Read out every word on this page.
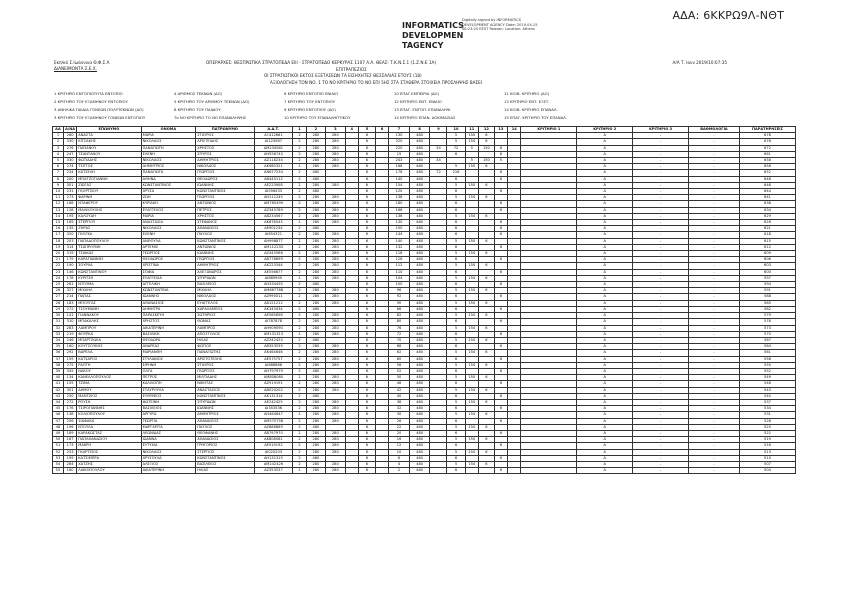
ΑΔΑ: 6ΚΚΡΩ9Λ-ΝΘΤ
INFORMATICS
DEVELOPMEN
TAGENCY
Digitally signed by INFORMATICS DEVELOPMENT AGENCY Date: 2019.04.15 08:23:25 EEST Reason: Location: Athens
Εκπ/κό Σ.Ιωάννινα Θ.Φ.Σ.Α
ΔΙΑΝΕΙΜΟΝΤΑ Σ.Ε.Χ.
ΟΠΕΡΑΡΧΕΣ: ΘΕΣΠΡΩΤΙΚΑ ΣΤΡΑΤΟΠΕΔΑ ΕΙΙΙ - ΣΤΡΑΤΟΠΕΔΟ ΚΕΡΚΥΡΑΣ 1107 Α.Α. ΘΕΑΣ: Τ.Κ.Ν.Σ.1 (1.Ζ.Ν.Ε 1Α)	Α/Α Τ. Ιουν 2019/10:07:35
ΕΠΙΤΡΑΠΕΖΙΟΣ
ΟΙ ΣΤΡΑΤΙΩΤΙΚΟΙ ΕΚΤΟΣ ΕΞΕΤΑΣΕΩΝ ΤΑ ΕΙΣΗΧΗΤΕΣ ΘΕΣΣΑΛΙΑΣ ΕΤΟΥΣ (18)
ΑΞΙΟΛΟΓΗΣΗ ΤΟΝ ΝΟ. 1 ΤΟ ΝΟ ΚΡΙΤΗΡΙΟ ΤΟ ΝΟ ΕΠΙ 5ΗΣ ΣΤΑ ΣΤΑΘΕΡΑ ΣΤΟΙΧΕΙΑ ΠΡΟΣΛΗΨΗΣ ΒΑΣΕΙ
1 ΚΡΙΤΗΡΙΟ ΕΝΤΟΠΙΟΤΗΤΑ ΕΝΤΟΠΙΟ	4 ΑΡΙΘΜΟΣ ΤΕΚΝΩΝ (ΔΟ)	6 ΚΡΙΤΗΡΙΟ ΕΝΤΟΠΙΟ ΕΝΙΑΙΟ	10 ΕΠΑΓ.ΕΜΠΕΙΡΙΑ (ΔΟ)	11 ΚΟΙΝ. ΚΡΙΤΗΡΙΟ (ΔΟ)
2 ΚΡΙΤΗΡΙΟ ΤΟΥ ΕΞΑΜΗΝΟΥ ΕΝΤΟΠΙΟΥ	5 ΚΡΙΤΗΡΙΟ ΤΟΥ ΑΡΙΘΜΟΥ ΤΕΚΝΩΝ (ΔΟ)	7 ΚΡΙΤΗΡΙΟ ΤΟΥ ΕΝΤΟΠΙΟΥ	12 ΚΡΙΤΗΡΙΟ ΕΝΤ. ΕΝΙΑΙΟ	13 ΚΡΙΤΗΡΙΟ ΕΝΤ. ΕΞΕΤ.
3 ΑΝΗΛΙΚΑ ΠΑΙΔΙΑ ΓΟΝΕΩΝ ΠΟΛΥΤΕΚΝΩΝ (ΔΟ)	8 ΚΡΙΤΗΡΙΟ ΤΟΥ ΠΑΙΔΙΟΥ	9 ΚΡΙΤΗΡΙΟ ΕΝΤΟΠΙΟΥ (ΔΟ)	13 ΕΠΑΓ. ΕΝΤΟΠ. ΕΠΑΝΑΛΗΨ.	14 ΚΟΙΝ. ΚΡΙΤΗΡΙΟ ΕΠΑΝΑΛ.
3 ΚΡΙΤΗΡΙΟ ΤΟΥ ΕΞΑΜΗΝΟΥ ΓΟΝΕΩΝ ΕΝΤΟΠΙΟΥ	Το ΝΟ ΚΡΙΤΗΡΙΟ ΤΟ ΝΟ ΕΠΑΝΑΛΗΨΗΣ	10 ΚΡΙΤΗΡΙΟ ΤΟΥ ΕΠΑΝΑΛΗΠΤΙΚΟΥ	14 ΚΡΙΤΗΡΙΟ ΕΠΑΝ. ΔΟΚΙΜΑΣΙΑΣ	15 ΕΠΑΓ. ΚΡΙΤΗΡΙΟ ΤΟΥ ΕΠΑΝΑΛ.
ΑΑ	Α/ΝΑ	ΕΠΩΝΥΜΟ	ΟΝΟΜΑ	ΠΑΤΡΩΝΥΜΟ	Α.Δ.Τ.	1	2	3	4	5	6	7	8	9	10	11	12	13	14	ΚΡΙΤΗΡΙΟ 1	ΚΡΙΤΗΡΙΟ 2	ΚΡΙΤΗΡΙΟ 3	ΒΑΘΜΟΛΟΓΙΑ	ΠΑΡΑΤΗΡΗΣΕΙΣ
1	260	ΑΝΑΣΤΑ	ΜΑΡΙΑ	ΣΤΑΥΡΟΣ	ΑΞ412661	2	280	280		6		130	480		5	150	6				Α	-	-	678
2	330	ΚΙΤΣΑΚΗΣ	ΝΙΚΟΛΑΟΣ	ΑΡΙΣΤΕΙΔΗΣ	ΑΙ123987	2	280	280		6		220	480		5	150	6				Α	-	-	678
3	276	ΠΑΠΑΝΟΥ	ΠΑΝΑΓΙΩΤΗ	ΧΡΗΣΤΟΣ	ΑΜ234561	2	280	280		6		220	480	34	72	5	150	6			Α	-	-	672
4	247	ΤΣΑΝΤΑΝΟΥ	ΕΛΕΝΗ	ΣΠΥΡΟΣ	ΑΗ556743	2	280	280		6		15	480		6			6			Α	-	-	661
5	330	ΦΩΤΙΑΔΗΣ	ΝΙΚΟΛΑΟΣ	ΔΗΜΗΤΡΙΟΣ	ΑΖ118234	2	280	280		6		243	480	34		5	150	5			Α	-	-	658
6	274	ΤΣΙΓΓΟΣ	ΔΗΜΗΤΡΙΟΣ	ΝΙΚΟΛΑΟΣ	ΑΚ980321	2	280	280		6		168	480		5	150	6				Α	-	-	656
7	234	ΚΑΤΣΕΛΗ	ΠΑΝΑΓΙΩΤΑ	ΓΕΩΡΓΙΟΣ	ΑΝ677234	2	480			6		176	480	72	216			6			Α	-	-	652
8	200	ΜΠΑΤΖΟΓΙΑΝΝΗ	ΑΘΗΝΑ	ΘΕΟΔΩΡΟΣ	ΑΒ445112	2	480			6		140	480		6			6			Α	-	-	648
9	301	ΖΙΩΓΑΣ	ΚΩΝΣΤΑΝΤΙΝΟΣ	ΙΩΑΝΝΗΣ	ΑΕ223908	2	280	280		6		154	480		5	150	6				Α	-	-	646
10	231	ΓΚΟΡΤΣΙΟΥ	ΧΡΥΣΑ	ΚΩΝΣΤΑΝΤΙΝΟΣ	ΑΙ556433	2	480			6		120	480		6			6			Α	-	-	644
11	273	ΦΑΡΙΝΗ	ΖΩΗ	ΓΕΩΡΓΙΟΣ	ΑΗ111245	2	280	280		6		138	480		5	150	6				Α	-	-	641
12	168	ΝΤΑΦΕΡΟΥ	ΚΥΡΙΑΚΗ	ΑΝΤΩΝΙΟΣ	ΑΜ765499	2	280	280		6		180	480		6			6			Α	-	-	638
13	128	ΜΑΛΙΚΟΥΛΗΣ	ΕΥΑΓΓΕΛΟΣ	ΠΕΤΡΟΣ	ΑΖ345789	2	280	280		6		168	480		6			6			Α	-	-	634
14	195	ΚΑΛΟΥΔΗ	ΜΑΡΙΑ	ΧΡΗΣΤΟΣ	ΑΒ234567	2	280	280		6		136	480		5	150	6				Α	-	-	629
15	165	ΣΤΕΡΓΙΟΥ	ΑΝΑΣΤΑΣΙΑ	ΣΤΕΦΑΝΟΣ	ΑΚ876543	2	280	280		6		130	480		6			6			Α	-	-	626
16	135	ΖΗΡΑΣ	ΝΙΚΟΛΑΟΣ	ΑΘΑΝΑΣΙΟΣ	ΑΕ901234	2	480			6		150	480		6			6			Α	-	-	621
17	320	ΓΚΟΓΚΑ	ΕΛΕΝΗ	ΠΑΥΛΟΣ	ΑΙ654321	2	280	280		6		144	480		6			6			Α	-	-	618
18	203	ΠΑΠΑΔΟΠΟΥΛΟΥ	ΑΝΘΟΥΛΑ	ΚΩΝΣΤΑΝΤΙΝΟΣ	ΑΗ998877	2	280	280		6		140	480		5	150	6				Α	-	-	615
19	314	ΤΣΑΠΡΟΥΝΗ	ΑΡΤΕΜΙΣ	ΑΝΤΩΝΙΟΣ	ΑΜ112233	2	280	280		6		132	480		6			6			Α	-	-	612
20	315	ΤΣΙΑΚΑΣ	ΓΕΩΡΓΙΟΣ	ΙΩΑΝΝΗΣ	ΑΖ445566	2	280	280		6		118	480		5	150	6				Α	-	-	609
21	179	ΚΑΡΑΓΙΑΝΝΗΣ	ΘΕΟΔΩΡΟΣ	ΓΕΩΡΓΙΟΣ	ΑΒ778899	2	280	280		6		126	480		6			6			Α	-	-	606
22	190	ΣΟΥΡΛΑ	ΧΡΙΣΤΙΝΑ	ΔΗΜΗΤΡΙΟΣ	ΑΚ223344	2	280	280		6		112	480		5	150	6				Α	-	-	603
23	146	ΚΩΝΣΤΑΝΤΙΝΟΥ	ΣΟΦΙΑ	ΑΛΕΞΑΝΔΡΟΣ	ΑΕ556677	2	280	280		6		110	480		6			6			Α	-	-	600
24	178	ΚΥΡΙΤΣΗ	ΕΥΑΓΓΕΛΙΑ	ΣΠΥΡΙΔΩΝ	ΑΙ889900	2	280	280		6		104	480		5	150	6				Α	-	-	597
25	261	ΝΤΟΥΜΑ	ΑΓΓΕΛΙΚΗ	ΒΑΣΙΛΕΙΟΣ	ΑΗ334455	2	480			6		100	480		6			6			Α	-	-	594
26	327	ΜΙΧΑΗΛ	ΚΩΝΣΤΑΝΤΙΝΑ	ΜΙΧΑΗΛ	ΑΜ667788	2	280	280		6		96	480		5	150	6				Α	-	-	591
27	214	ΠΑΠΑΣ	ΙΩΑΝΝΗΣ	ΝΙΚΟΛΑΟΣ	ΑΖ990011	2	280	280		6		92	480		6			6			Α	-	-	588
28	183	ΜΠΟΥΓΑΣ	ΑΘΑΝΑΣΙΟΣ	ΕΥΑΓΓΕΛΟΣ	ΑΒ121212	2	280	280		6		90	480		5	150	6				Α	-	-	585
29	272	ΤΣΟΥΜΑΝΗ	ΔΗΜΗΤΡΑ	ΧΑΡΑΛΑΜΠΟΣ	ΑΚ343434	2	480			6		86	480		6			6			Α	-	-	582
30	141	ΓΙΑΝΝΑΚΟΥ	ΠΑΡΑΣΚΕΥΗ	ΣΩΤΗΡΙΟΣ	ΑΕ565656	2	280	280		6		82	480		5	150	6				Α	-	-	579
31	310	ΜΠΑΚΑΛΗΣ	ΧΡΗΣΤΟΣ	ΘΩΜΑΣ	ΑΙ787878	2	280	280		6		80	480		6			6			Α	-	-	576
32	283	ΛΑΜΠΡΟΥ	ΑΙΚΑΤΕΡΙΝΗ	ΛΑΜΠΡΟΣ	ΑΗ909090	2	280	280		6		76	480		5	150	6				Α	-	-	573
33	219	ΦΟΥΡΚΑ	ΒΑΣΙΛΙΚΗ	ΑΠΟΣΤΟΛΟΣ	ΑΜ131313	2	280	280		6		72	480		6			6			Α	-	-	570
34	246	ΜΠΑΡΤΖΩΚΑ	ΘΕΟΔΩΡΑ	ΗΛΙΑΣ	ΑΖ242424	2	480			6		70	480		5	150	6				Α	-	-	567
35	160	ΚΟΥΤΣΟΥΚΗΣ	ΑΝΔΡΕΑΣ	ΦΩΤΙΟΣ	ΑΒ353535	2	280	280		6		66	480		6			6			Α	-	-	564
36	292	ΒΑΡΕΛΑ	ΜΑΡΙΑΝΘΗ	ΠΑΝΑΓΙΩΤΗΣ	ΑΚ464646	2	280	280		6		62	480		5	150	6				Α	-	-	561
37	159	ΚΑΤΣΑΡΟΣ	ΣΤΥΛΙΑΝΟΣ	ΑΡΙΣΤΟΤΕΛΗΣ	ΑΕ575757	2	280	280		6		60	480		6			6			Α	-	-	558
38	275	ΡΑΠΤΗ	ΕΙΡΗΝΗ	ΣΤΑΥΡΟΣ	ΑΙ686868	2	280	280		6		56	480		5	150	6				Α	-	-	555
39	345	ΝΑΚΟΥ	ΟΛΓΑ	ΓΕΩΡΓΙΟΣ	ΑΗ797979	2	480			6		52	480		6			6			Α	-	-	552
40	134	ΚΑΝΕΛΛΟΠΟΥΛΟΣ	ΠΕΤΡΟΣ	ΜΙΛΤΙΑΔΗΣ	ΑΜ808080	2	280	280		6		50	480		5	150	6				Α	-	-	549
41	155	ΤΖΙΜΑ	ΚΑΛΛΙΟΠΗ	ΝΙΚΗΤΑΣ	ΑΖ919191	2	280	280		6		46	480		6			6			Α	-	-	546
42	301	ΔΗΜΟΥ	ΣΤΑΥΡΟΥΛΑ	ΑΝΑΣΤΑΣΙΟΣ	ΑΒ020202	2	280	280		6		42	480		5	150	6				Α	-	-	543
43	250	ΜΑΝΤΖΙΟΣ	ΕΥΘΥΜΙΟΣ	ΚΩΝΣΤΑΝΤΙΝΟΣ	ΑΚ131314	2	480			6		40	480		6			6			Α	-	-	540
44	272	ΡΟΥΣΗ	ΦΩΤΕΙΝΗ	ΣΠΥΡΙΔΩΝ	ΑΕ242425	2	280	280		6		36	480		5	150	6				Α	-	-	537
45	176	ΤΣΙΡΟΓΙΑΝΝΗΣ	ΒΑΣΙΛΕΙΟΣ	ΙΩΑΝΝΗΣ	ΑΙ353536	2	280	280		6		32	480		6			6			Α	-	-	534
46	138	ΚΟΛΙΟΠΟΥΛΟΥ	ΑΡΓΥΡΩ	ΔΗΜΗΤΡΙΟΣ	ΑΗ464647	2	280	280		6		30	480		5	150	6				Α	-	-	531
47	256	ΣΙΑΦΑΚΑ	ΓΕΩΡΓΙΑ	ΑΘΑΝΑΣΙΟΣ	ΑΜ575758	2	280	280		6		26	480		6			6			Α	-	-	528
48	196	ΝΤΟΥΛΑ	ΜΑΡΓΑΡΙΤΑ	ΠΑΥΛΟΣ	ΑΖ686869	2	480			6		22	480		5	150	6				Α	-	-	525
49	189	ΚΑΡΑΚΩΣΤΑΣ	ΛΕΩΝΙΔΑΣ	ΘΕΟΦΑΝΗΣ	ΑΒ797970	2	280	280		6		20	480		6			6			Α	-	-	522
50	167	ΠΑΠΑΘΑΝΑΣΙΟΥ	ΙΩΑΝΝΑ	ΑΘΑΝΑΣΙΟΣ	ΑΚ808081	2	280	280		6		16	480		5	150	6				Α	-	-	519
51	173	ΜΑΚΡΗ	ΕΥΤΥΧΙΑ	ΓΡΗΓΟΡΙΟΣ	ΑΕ919192	2	280	280		6		12	480		6			6			Α	-	-	516
52	253	ΓΚΑΡΤΖΙΟΣ	ΝΙΚΟΛΑΟΣ	ΣΤΕΡΓΙΟΣ	ΑΙ020203	2	280	280		6		10	480		5	150	6				Α	-	-	513
53	199	ΚΑΤΣΙΜΠΡΑ	ΧΡΥΣΟΥΛΑ	ΚΩΝΣΤΑΝΤΙΝΟΣ	ΑΗ131315	2	480			6		6	480		6			6			Α	-	-	510
54	264	ΧΑΤΖΗΣ	ΑΛΕΞΙΟΣ	ΒΑΣΙΛΕΙΟΣ	ΑΜ242426	2	280	280		6		4	480		5	150	6				Α	-	-	507
55	180	ΛΙΑΚΟΠΟΥΛΟΥ	ΑΙΚΑΤΕΡΙΝΗ	ΗΛΙΑΣ	ΑΖ353537	2	280	280		6		2	480		6			6			Α	-	-	504
